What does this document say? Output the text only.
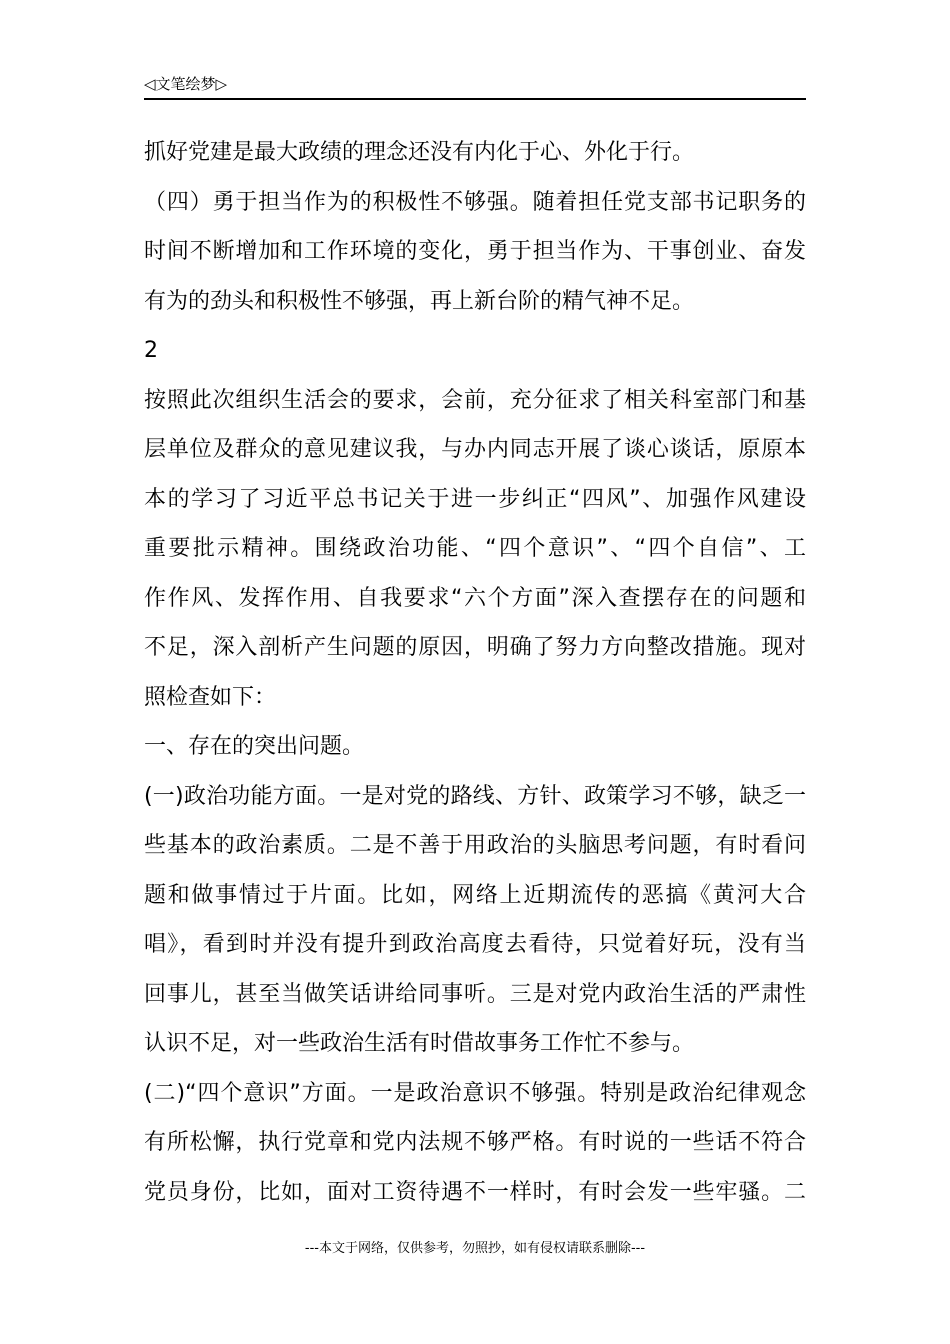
◁文笔绘梦▷
抓好党建是最大政绩的理念还没有内化于心、外化于行。
（四）勇于担当作为的积极性不够强。随着担任党支部书记职务的
时间不断增加和工作环境的变化，勇于担当作为、干事创业、奋发
有为的劲头和积极性不够强，再上新台阶的精气神不足。
2
按照此次组织生活会的要求，会前，充分征求了相关科室部门和基
层单位及群众的意见建议我，与办内同志开展了谈心谈话，原原本
本的学习了习近平总书记关于进一步纠正“四风”、加强作风建设
重要批示精神。围绕政治功能、“四个意识”、“四个自信”、工
作作风、发挥作用、自我要求“六个方面”深入查摆存在的问题和
不足，深入剖析产生问题的原因，明确了努力方向整改措施。现对
照检查如下：
一、存在的突出问题。
(一)政治功能方面。一是对党的路线、方针、政策学习不够，缺乏一
些基本的政治素质。二是不善于用政治的头脑思考问题，有时看问
题和做事情过于片面。比如，网络上近期流传的恶搞《黄河大合
唱》，看到时并没有提升到政治高度去看待，只觉着好玩，没有当
回事儿，甚至当做笑话讲给同事听。三是对党内政治生活的严肃性
认识不足，对一些政治生活有时借故事务工作忙不参与。
(二)“四个意识”方面。一是政治意识不够强。特别是政治纪律观念
有所松懈，执行党章和党内法规不够严格。有时说的一些话不符合
党员身份，比如，面对工资待遇不一样时，有时会发一些牢骚。二
---本文于网络，仅供参考，勿照抄，如有侵权请联系删除---
